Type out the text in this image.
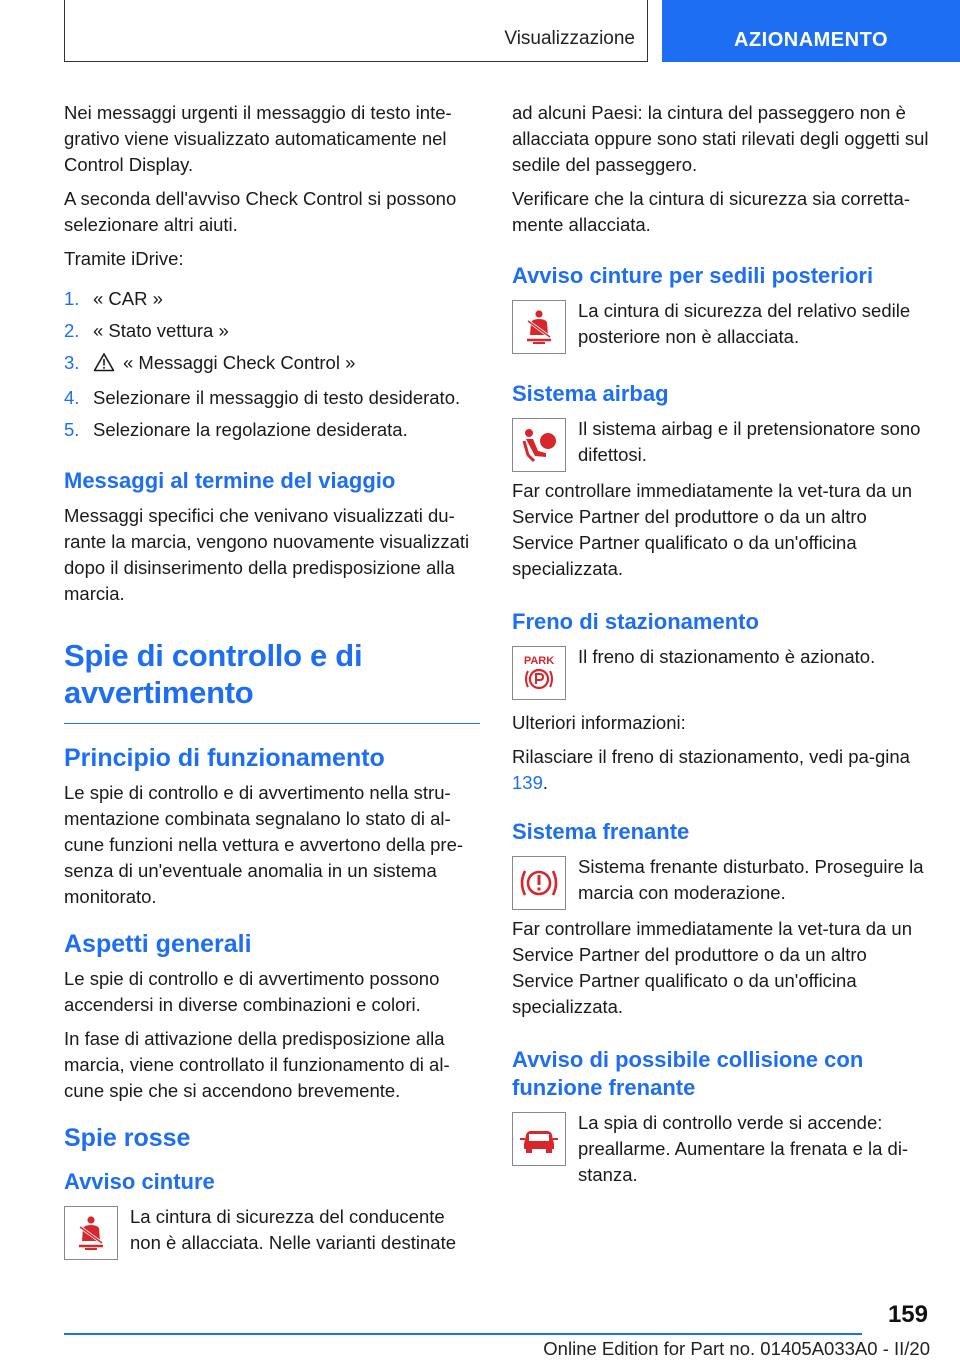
Visualizzazione	AZIONAMENTO

Nei messaggi urgenti il messaggio di testo inte-grativo viene visualizzato automaticamente nel Control Display.

A seconda dell'avviso Check Control si possono selezionare altri aiuti.

Tramite iDrive:

1. « CAR »
2. « Stato vettura »
3. « Messaggi Check Control »
4. Selezionare il messaggio di testo desiderato.
5. Selezionare la regolazione desiderata.
Messaggi al termine del viaggio

Messaggi specifici che venivano visualizzati du-rante la marcia, vengono nuovamente visualizzati dopo il disinserimento della predisposizione alla marcia.

Spie di controllo e di avvertimento
Principio di funzionamento

Le spie di controllo e di avvertimento nella stru-mentazione combinata segnalano lo stato di al-cune funzioni nella vettura e avvertono della pre-senza di un'eventuale anomalia in un sistema monitorato.

Aspetti generali

Le spie di controllo e di avvertimento possono accendersi in diverse combinazioni e colori.

In fase di attivazione della predisposizione alla marcia, viene controllato il funzionamento di al-cune spie che si accendono brevemente.

Spie rosse
Avviso cinture
La cintura di sicurezza del conducente non è allacciata. Nelle varianti destinate

ad alcuni Paesi: la cintura del passeggero non è allacciata oppure sono stati rilevati degli oggetti sul sedile del passeggero.

Verificare che la cintura di sicurezza sia corretta-mente allacciata.

Avviso cinture per sedili posteriori
La cintura di sicurezza del relativo sedile posteriore non è allacciata.
Sistema airbag
Il sistema airbag e il pretensionatore sono difettosi.

Far controllare immediatamente la vet-tura da un Service Partner del produttore o da un altro Service Partner qualificato o da un'officina specializzata.

Freno di stazionamento
PARK Il freno di stazionamento è azionato.

Ulteriori informazioni:

Rilasciare il freno di stazionamento, vedi pa-gina 139.

Sistema frenante
Sistema frenante disturbato. Proseguire la marcia con moderazione.

Far controllare immediatamente la vet-tura da un Service Partner del produttore o da un altro Service Partner qualificato o da un'officina specializzata.

Avviso di possibile collisione con funzione frenante
La spia di controllo verde si accende: preallarme. Aumentare la frenata e la di-stanza.
159
Online Edition for Part no. 01405A033A0 - II/20
